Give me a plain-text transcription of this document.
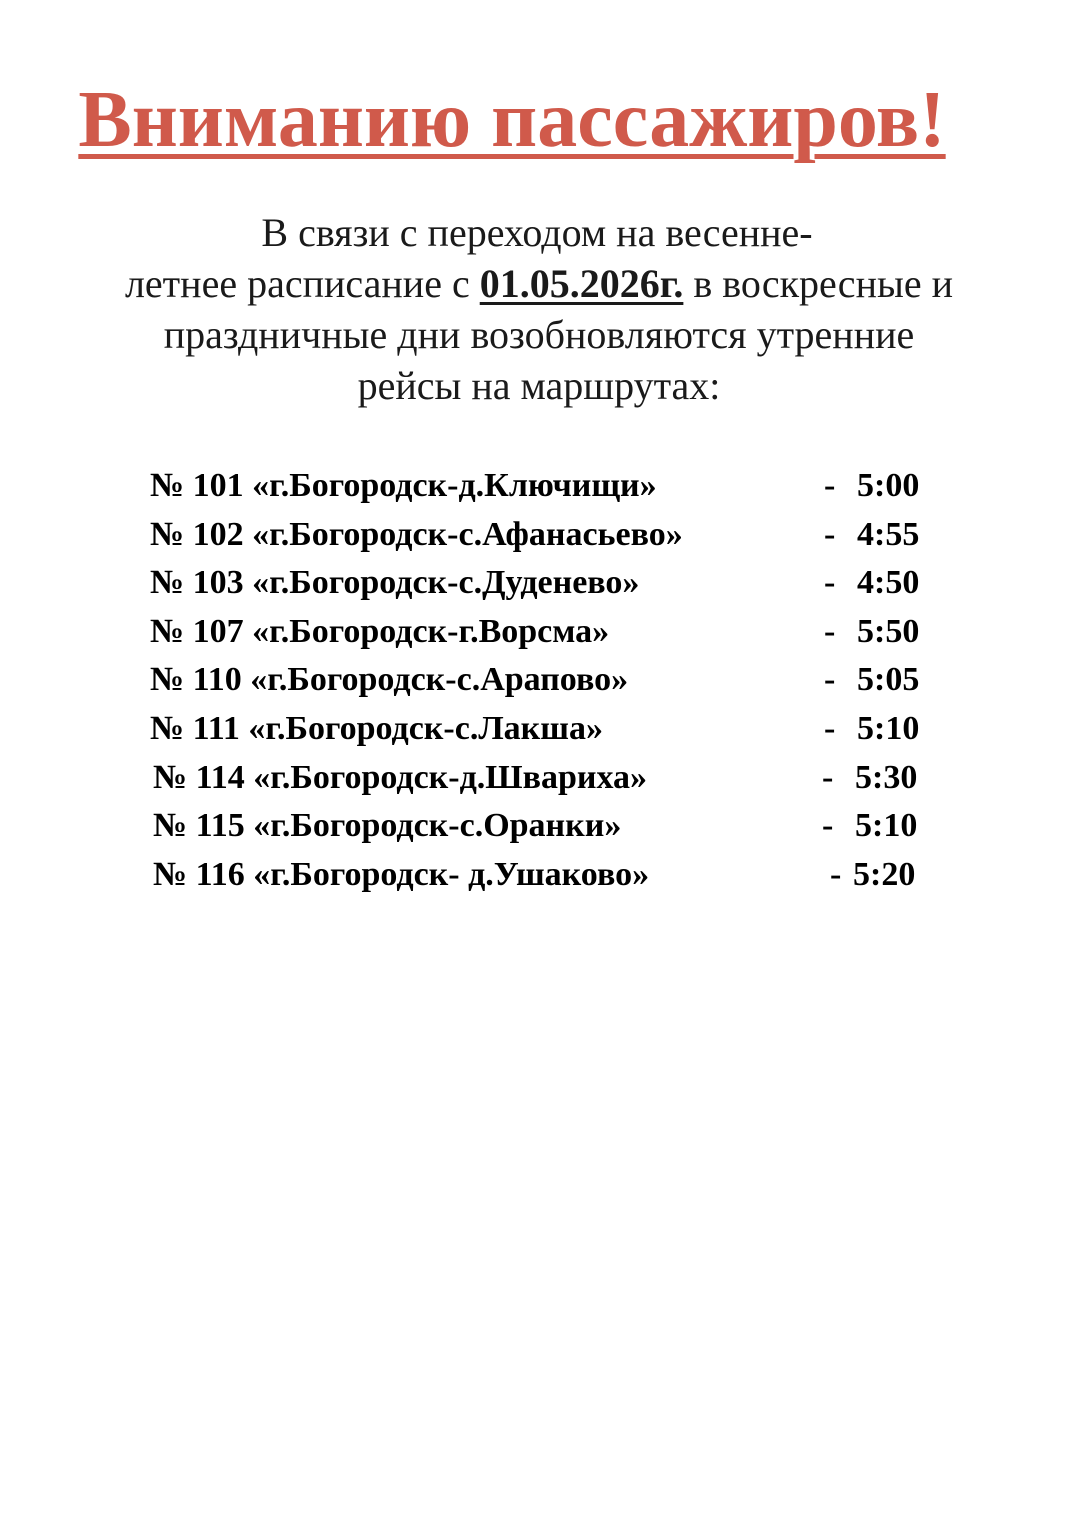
Вниманию пассажиров!
В связи с переходом на весенне-
летнее расписание с 01.05.2026г. в воскресные и
праздничные дни возобновляются утренние
рейсы на маршрутах:
№ 101 «г.Богородск-д.Ключищи»	- 5:00
№ 102 «г.Богородск-с.Афанасьево»	- 4:55
№ 103 «г.Богородск-с.Дуденево»	- 4:50
№ 107 «г.Богородск-г.Ворсма»	- 5:50
№ 110 «г.Богородск-с.Арапово»	- 5:05
№ 111 «г.Богородск-с.Лакша»	- 5:10
№ 114 «г.Богородск-д.Швариха»	- 5:30
№ 115 «г.Богородск-с.Оранки»	- 5:10
№ 116 «г.Богородск- д.Ушаково»	- 5:20
